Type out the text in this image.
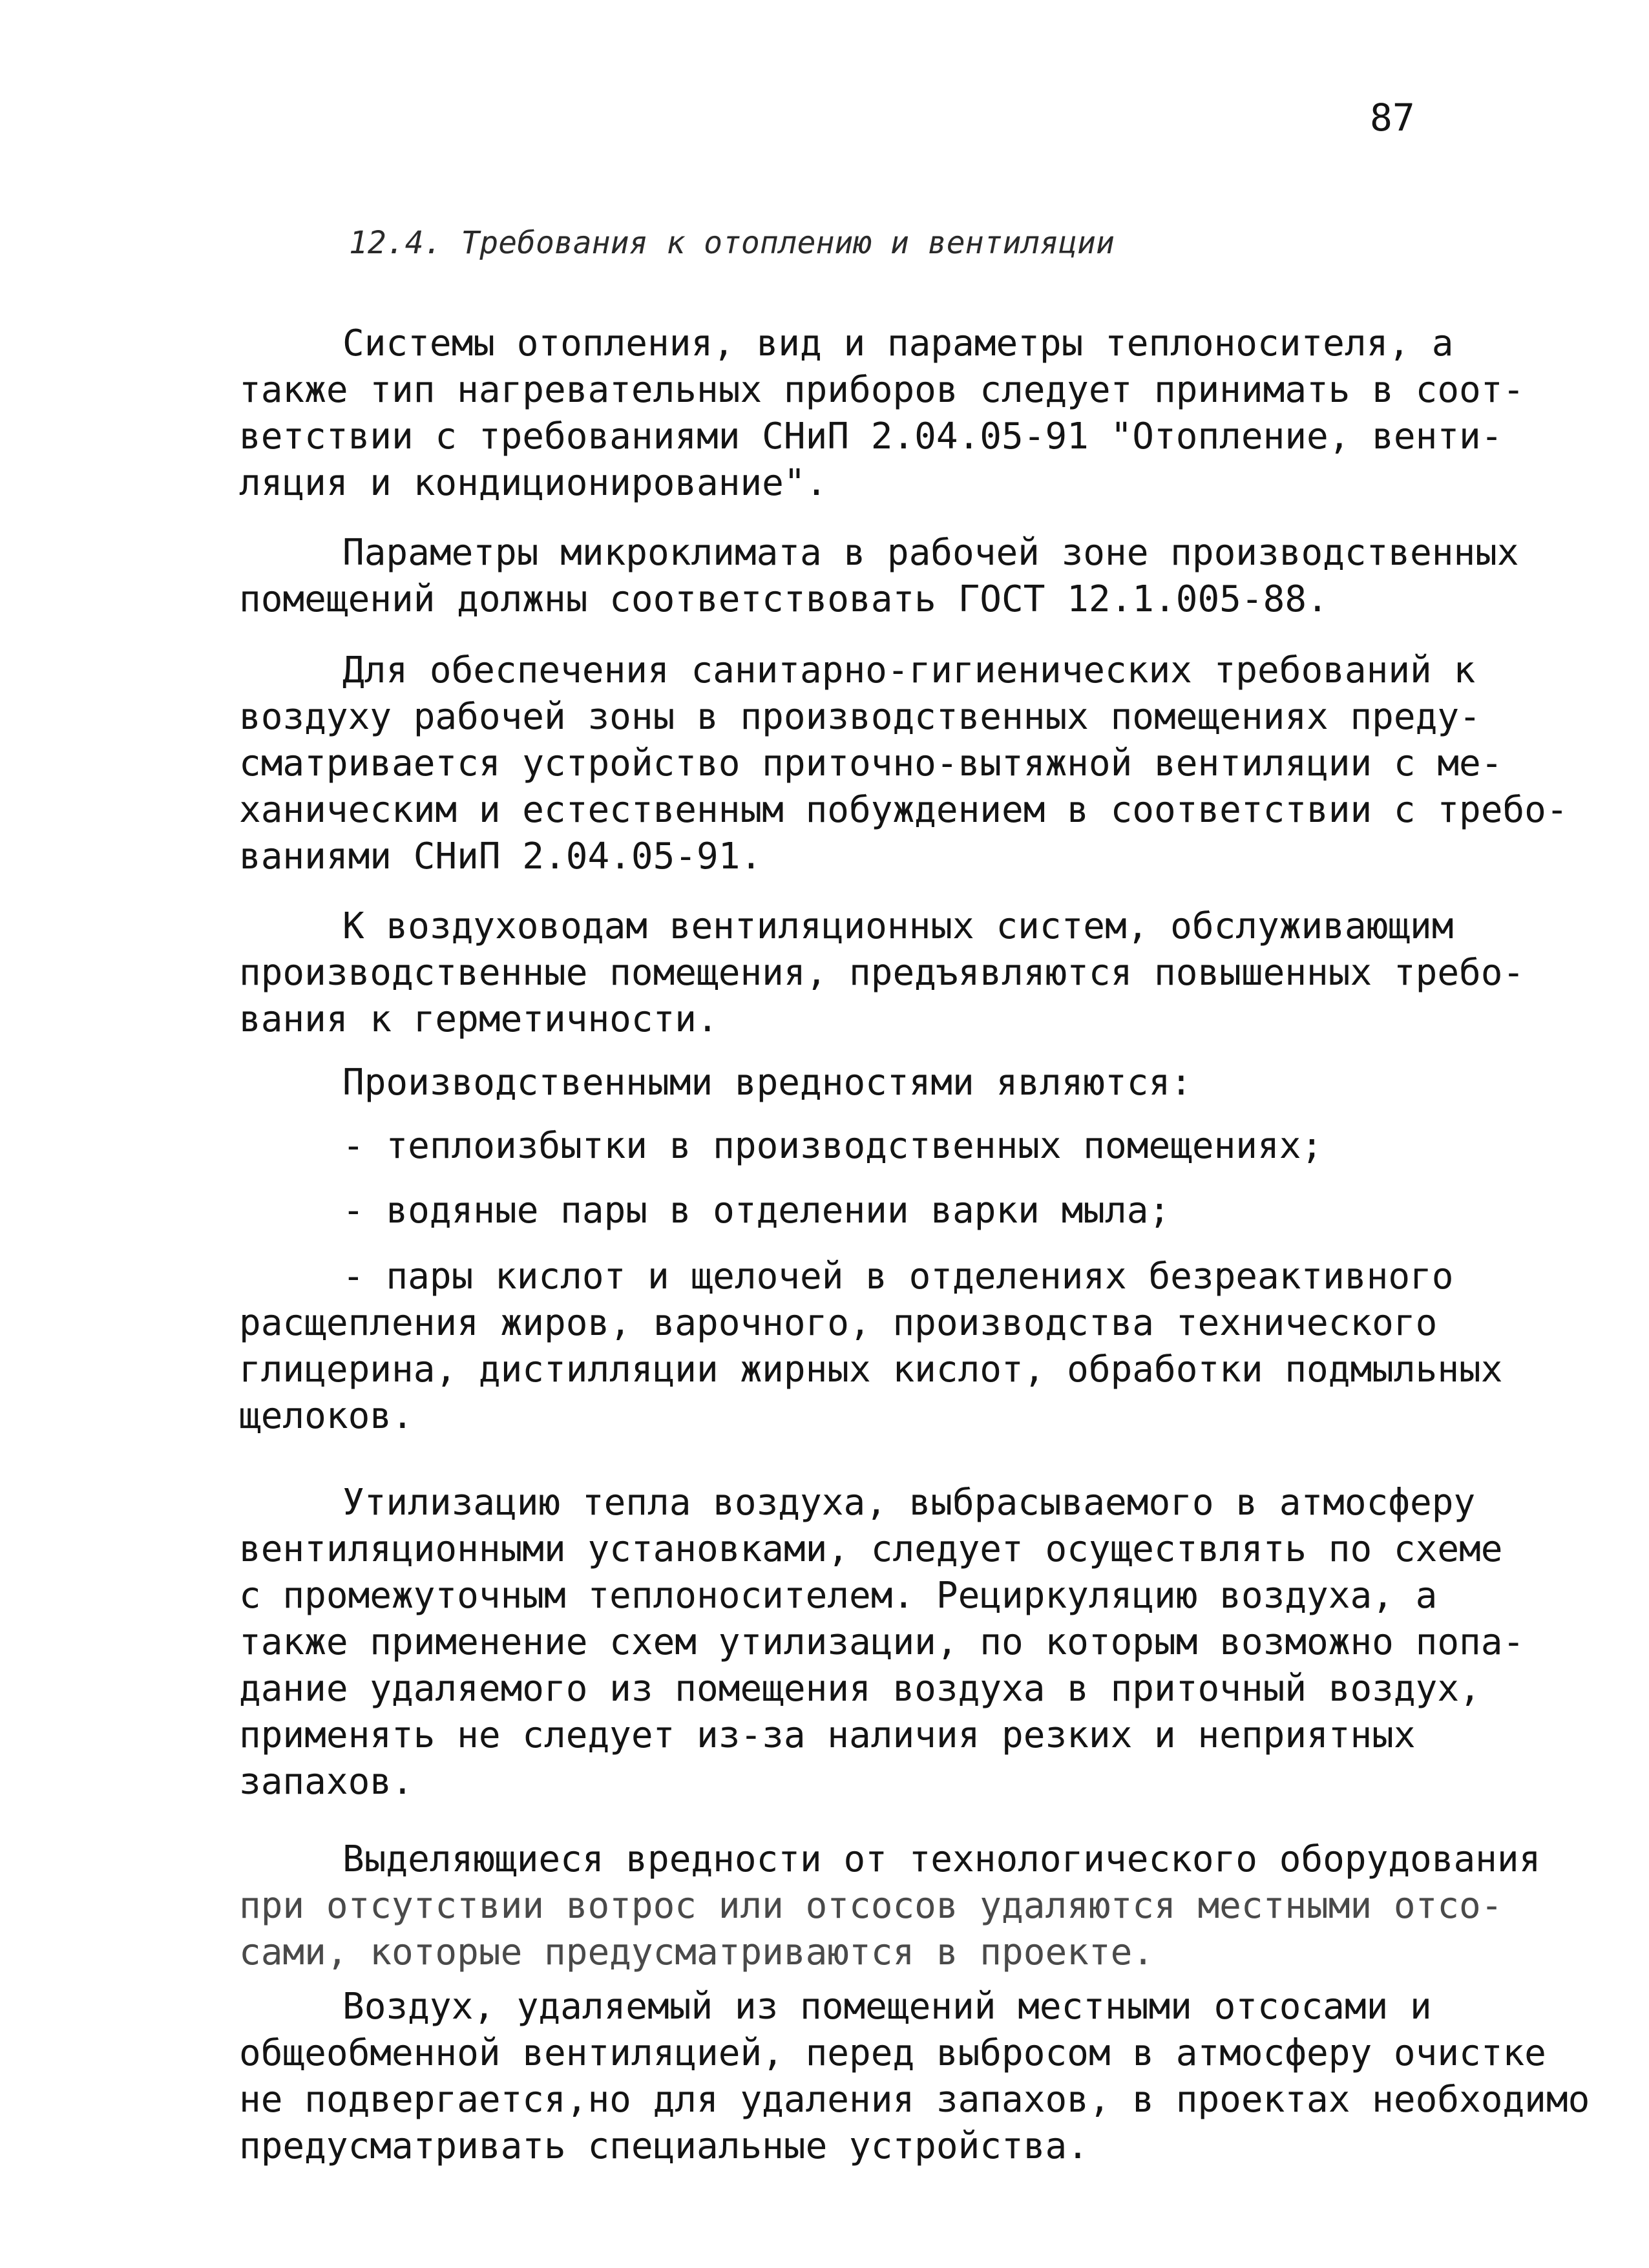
87
12.4. Требования к отоплению и вентиляции
Системы отопления, вид и параметры теплоносителя, а
также тип нагревательных приборов следует принимать в соот-
ветствии с требованиями СНиП 2.04.05-91 "Отопление, венти-
ляция и кондиционирование".
Параметры микроклимата в рабочей зоне производственных
помещений должны соответствовать ГОСТ 12.1.005-88.
Для обеспечения санитарно-гигиенических требований к
воздуху рабочей зоны в производственных помещениях преду-
сматривается устройство приточно-вытяжной вентиляции с ме-
ханическим и естественным побуждением в соответствии с требо-
ваниями СНиП 2.04.05-91.
К воздуховодам вентиляционных систем, обслуживающим
производственные помещения, предъявляются повышенных требо-
вания к герметичности.
Производственными вредностями являются:
- теплоизбытки в производственных помещениях;
- водяные пары в отделении варки мыла;
- пары кислот и щелочей в отделениях безреактивного
расщепления жиров, варочного, производства технического
глицерина, дистилляции жирных кислот, обработки подмыльных
щелоков.
Утилизацию тепла воздуха, выбрасываемого в атмосферу
вентиляционными установками, следует осуществлять по схеме
с промежуточным теплоносителем. Рециркуляцию воздуха, а
также применение схем утилизации, по которым возможно попа-
дание удаляемого из помещения воздуха в приточный воздух,
применять не следует из-за наличия резких и неприятных
запахов.
Выделяющиеся вредности от технологического оборудования
при отсутствии вотрос или отсосов удаляются местными отсо-
сами, которые предусматриваются в проекте.
Воздух, удаляемый из помещений местными отсосами и
общеобменной вентиляцией, перед выбросом в атмосферу очистке
не подвергается,но для удаления запахов, в проектах необходимо
предусматривать специальные устройства.
